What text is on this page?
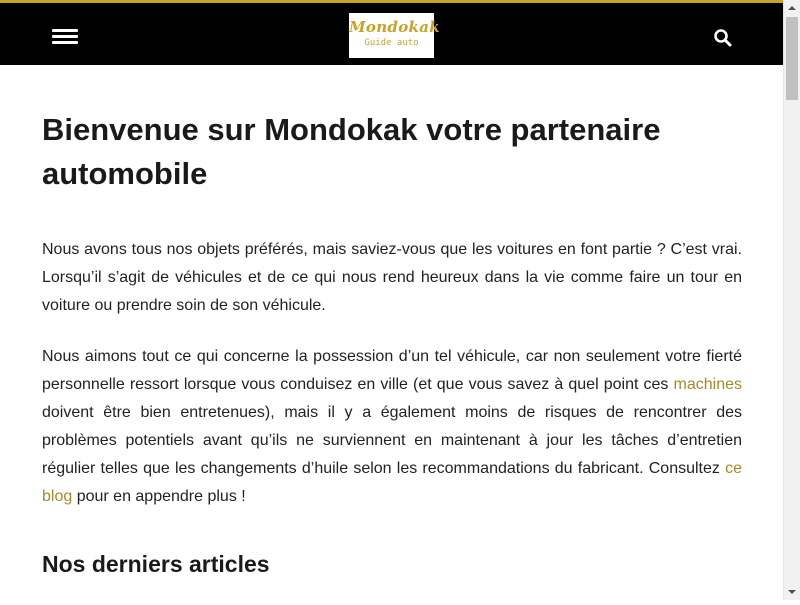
Mondokak
Guide auto
Bienvenue sur Mondokak votre partenaire automobile

Nous avons tous nos objets préférés, mais saviez-vous que les voitures en font partie ? C’est vrai. Lorsqu’il s’agit de véhicules et de ce qui nous rend heureux dans la vie comme faire un tour en voiture ou prendre soin de son véhicule.

Nous aimons tout ce qui concerne la possession d’un tel véhicule, car non seulement votre fierté personnelle ressort lorsque vous conduisez en ville (et que vous savez à quel point ces machines doivent être bien entretenues), mais il y a également moins de risques de rencontrer des problèmes potentiels avant qu’ils ne surviennent en maintenant à jour les tâches d’entretien régulier telles que les changements d’huile selon les recommandations du fabricant. Consultez ce blog pour en appendre plus !

Nos derniers articles
